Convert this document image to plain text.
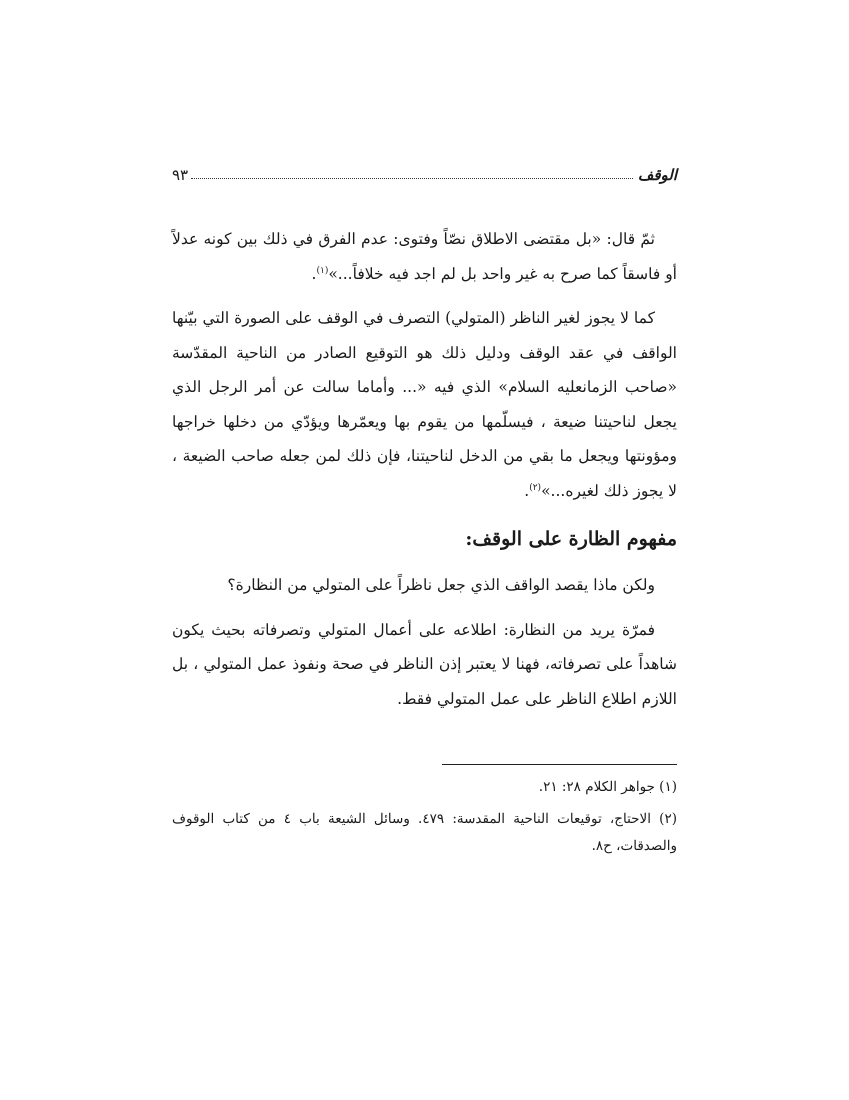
الوقف
٩٣

ثمّ قال: «بل مقتضى الاطلاق نصّاً وفتوى: عدم الفرق في ذلك بين كونه عدلاً أو فاسقاً كما صرح به غير واحد بل لم اجد فيه خلافاً...»$^{(١)}$.

كما لا يجوز لغير الناظر (المتولي) التصرف في الوقف على الصورة التي بيّنها الواقف في عقد الوقف ودليل ذلك هو التوقيع الصادر من الناحية المقدّسة «صاحب الزمانعليه السلام» الذي فيه «... وأماما سالت عن أمر الرجل الذي يجعل لناحيتنا ضيعة ، فيسلّمها من يقوم بها ويعمّرها ويؤدّي من دخلها خراجها ومؤونتها ويجعل ما بقي من الدخل لناحيتنا، فإن ذلك لمن جعله صاحب الضيعة ، لا يجوز ذلك لغيره...»$^{(٢)}$.

مفهوم الظارة على الوقف:

ولكن ماذا يقصد الواقف الذي جعل ناظراً على المتولي من النظارة؟

فمرّة يريد من النظارة: اطلاعه على أعمال المتولي وتصرفاته بحيث يكون شاهداً على تصرفاته، فهنا لا يعتبر إذن الناظر في صحة ونفوذ عمل المتولي ، بل اللازم اطلاع الناظر على عمل المتولي فقط.

(١) جواهر الكلام ٢٨: ٢١.

(٢) الاحتاج، توقيعات الناحية المقدسة: ٤٧٩. وسائل الشيعة باب ٤ من كتاب الوقوف والصدقات، ح٨.
